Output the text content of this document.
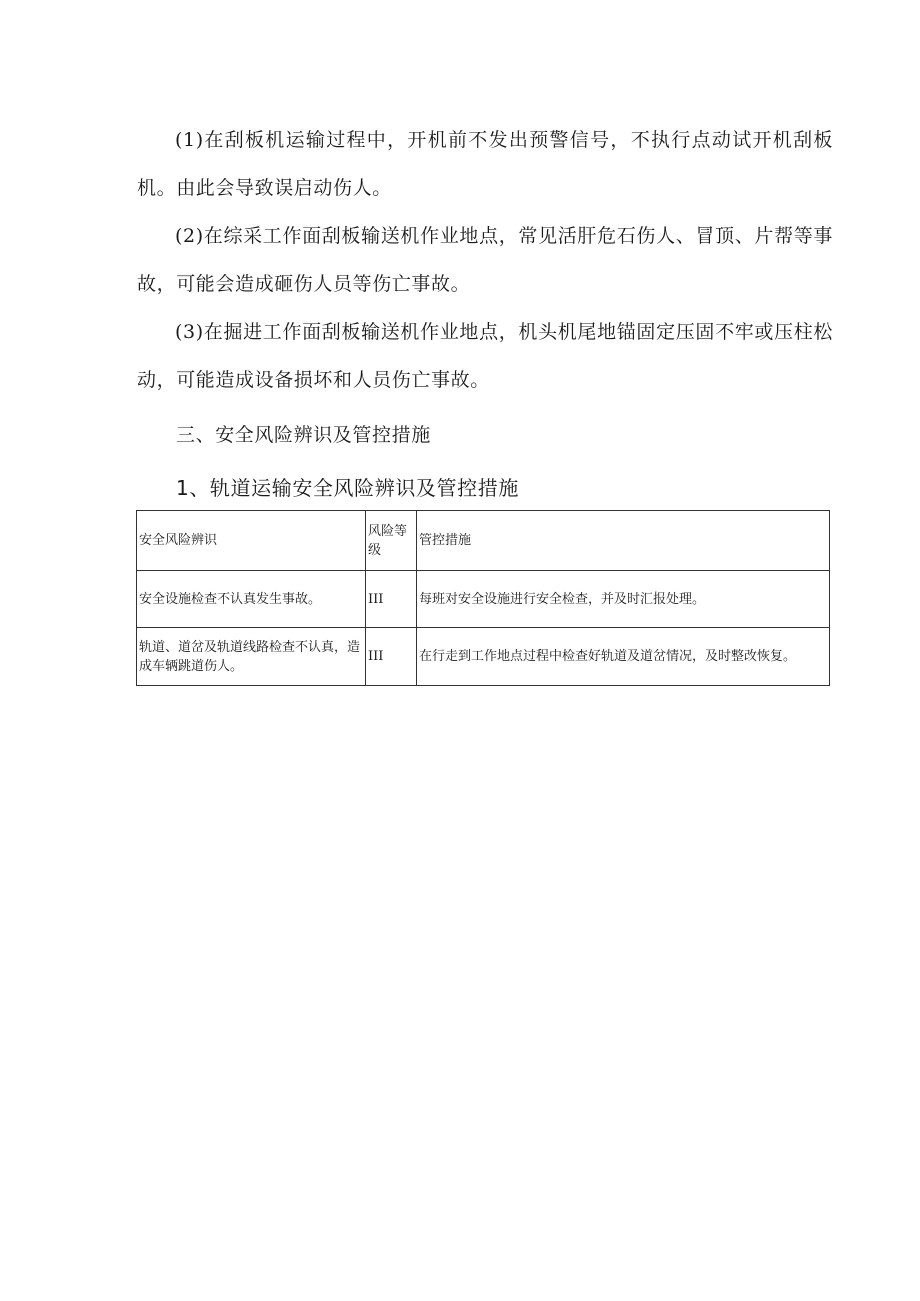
(1)在刮板机运输过程中，开机前不发出预警信号，不执行点动试开机刮板机。由此会导致误启动伤人。

(2)在综采工作面刮板输送机作业地点，常见活肝危石伤人、冒顶、片帮等事故，可能会造成砸伤人员等伤亡事故。

(3)在掘进工作面刮板输送机作业地点，机头机尾地锚固定压固不牢或压柱松动，可能造成设备损坏和人员伤亡事故。

三、安全风险辨识及管控措施
1、轨道运输安全风险辨识及管控措施
安全风险辨识	风险等级	管控措施
安全设施检查不认真发生事故。	III	每班对安全设施进行安全检查，并及时汇报处理。
轨道、道岔及轨道线路检查不认真，造成车辆跳道伤人。	III	在行走到工作地点过程中检查好轨道及道岔情况，及时整改恢复。
